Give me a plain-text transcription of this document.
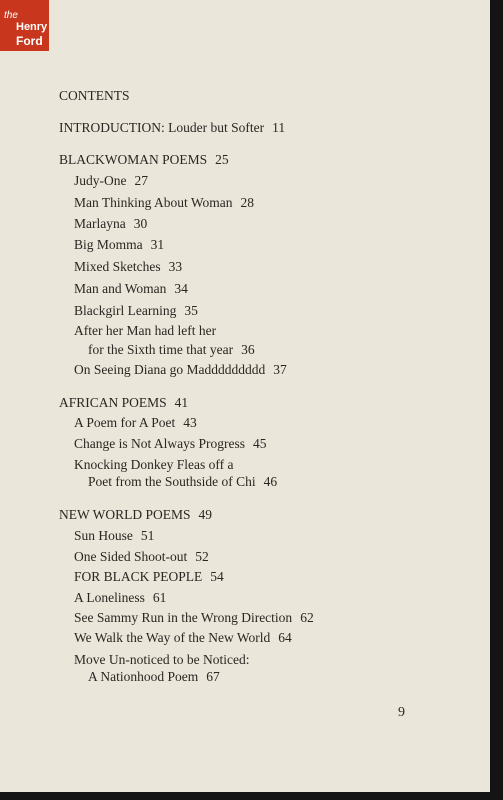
the
Henry
Ford
CONTENTS
INTRODUCTION: Louder but Softer 11
BLACKWOMAN POEMS 25
Judy-One 27
Man Thinking About Woman 28
Marlayna 30
Big Momma 31
Mixed Sketches 33
Man and Woman 34
Blackgirl Learning 35
After her Man had left her
for the Sixth time that year 36
On Seeing Diana go Maddddddddd 37
AFRICAN POEMS 41
A Poem for A Poet 43
Change is Not Always Progress 45
Knocking Donkey Fleas off a
Poet from the Southside of Chi 46
NEW WORLD POEMS 49
Sun House 51
One Sided Shoot-out 52
FOR BLACK PEOPLE 54
A Loneliness 61
See Sammy Run in the Wrong Direction 62
We Walk the Way of the New World 64
Move Un-noticed to be Noticed:
A Nationhood Poem 67
9
